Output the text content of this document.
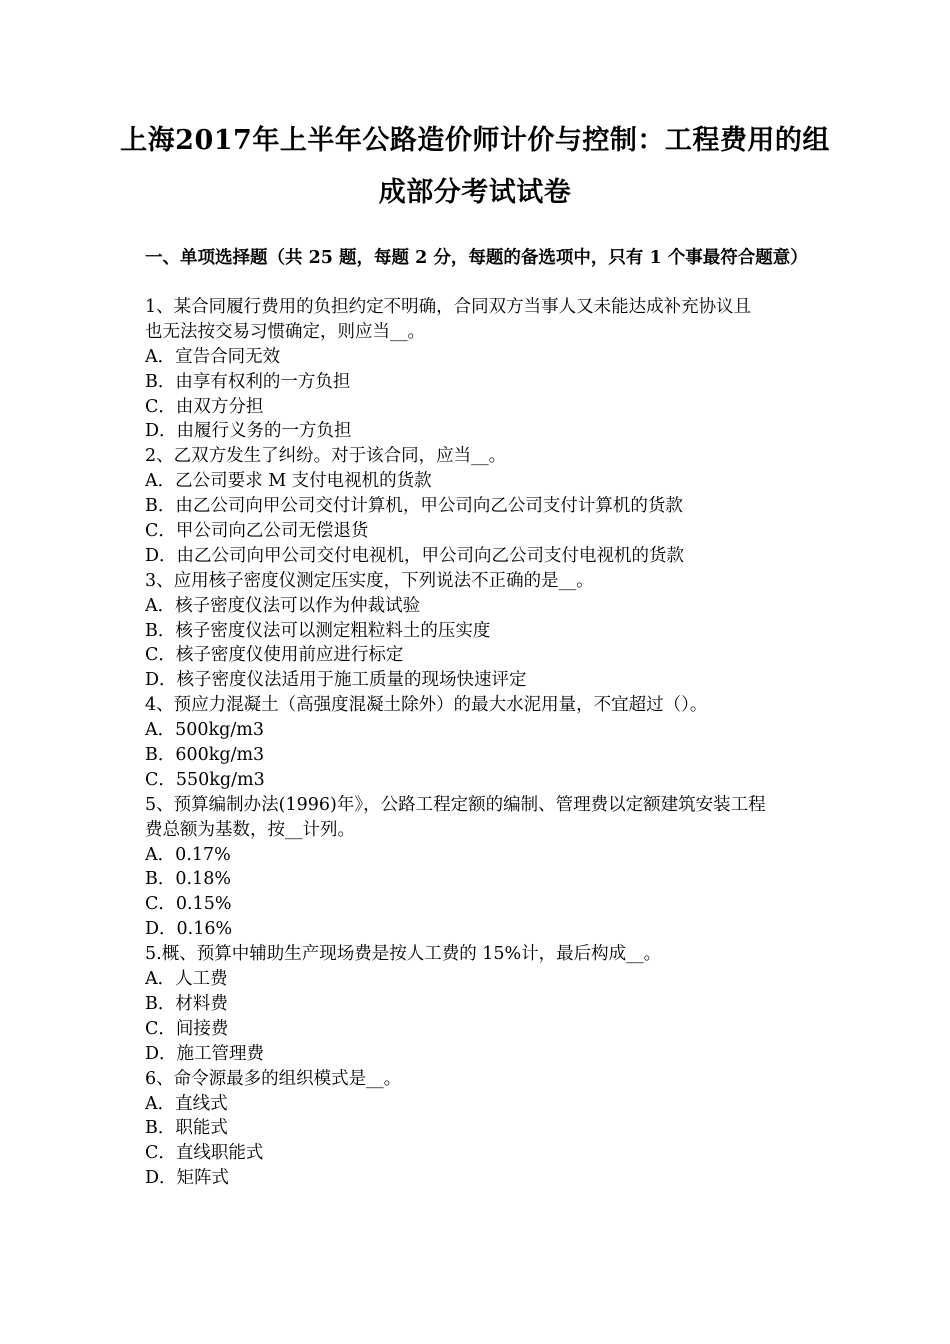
上海2017年上半年公路造价师计价与控制：工程费用的组
成部分考试试卷
一、单项选择题（共 25 题，每题 2 分，每题的备选项中，只有 1 个事最符合题意）
1、某合同履行费用的负担约定不明确，合同双方当事人又未能达成补充协议且
也无法按交易习惯确定，则应当__。
A．宣告合同无效
B．由享有权利的一方负担
C．由双方分担
D．由履行义务的一方负担
2、乙双方发生了纠纷。对于该合同，应当__。
A．乙公司要求 M 支付电视机的货款
B．由乙公司向甲公司交付计算机，甲公司向乙公司支付计算机的货款
C．甲公司向乙公司无偿退货
D．由乙公司向甲公司交付电视机，甲公司向乙公司支付电视机的货款
3、应用核子密度仪测定压实度，下列说法不正确的是__。
A．核子密度仪法可以作为仲裁试验
B．核子密度仪法可以测定粗粒料土的压实度
C．核子密度仪使用前应进行标定
D．核子密度仪法适用于施工质量的现场快速评定
4、预应力混凝土（高强度混凝土除外）的最大水泥用量，不宜超过（）。
A．500kg/m3
B．600kg/m3
C．550kg/m3
5、预算编制办法(1996)年》，公路工程定额的编制、管理费以定额建筑安装工程
费总额为基数，按__计列。
A．0.17%
B．0.18%
C．0.15%
D．0.16%
5.概、预算中辅助生产现场费是按人工费的 15%计，最后构成__。
A．人工费
B．材料费
C．间接费
D．施工管理费
6、命令源最多的组织模式是__。
A．直线式
B．职能式
C．直线职能式
D．矩阵式
